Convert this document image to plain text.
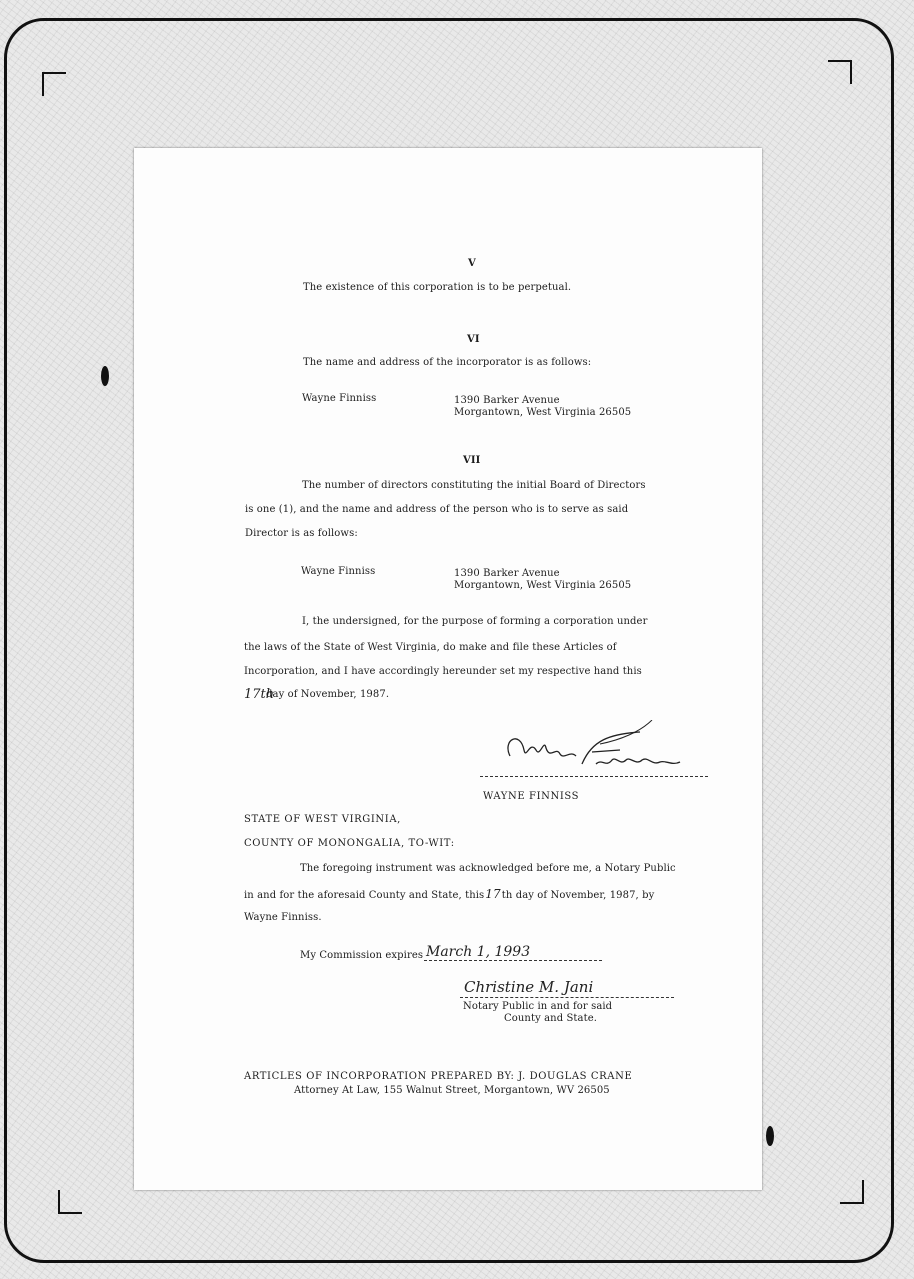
V
The existence of this corporation is to be perpetual.
VI
The name and address of the incorporator is as follows:
Wayne Finniss	1390 Barker Avenue
Morgantown, West Virginia 26505
VII
The number of directors constituting the initial Board of Directors
is one (1), and the name and address of the person who is to serve as said
Director is as follows:
Wayne Finniss	1390 Barker Avenue
Morgantown, West Virginia 26505
I, the undersigned, for the purpose of forming a corporation under
the laws of the State of West Virginia, do make and file these Articles of
Incorporation, and I have accordingly hereunder set my respective hand this
17th
day of November, 1987.
WAYNE FINNISS
STATE OF WEST VIRGINIA,
COUNTY OF MONONGALIA, TO-WIT:
The foregoing instrument was acknowledged before me, a Notary Public
in and for the aforesaid County and State, this17th day of November, 1987, by
Wayne Finniss.
My Commission expires March 1, 1993
Christine M. Jani
Notary Public in and for said
County and State.
ARTICLES OF INCORPORATION PREPARED BY: J. DOUGLAS CRANE
Attorney At Law, 155 Walnut Street, Morgantown, WV 26505
